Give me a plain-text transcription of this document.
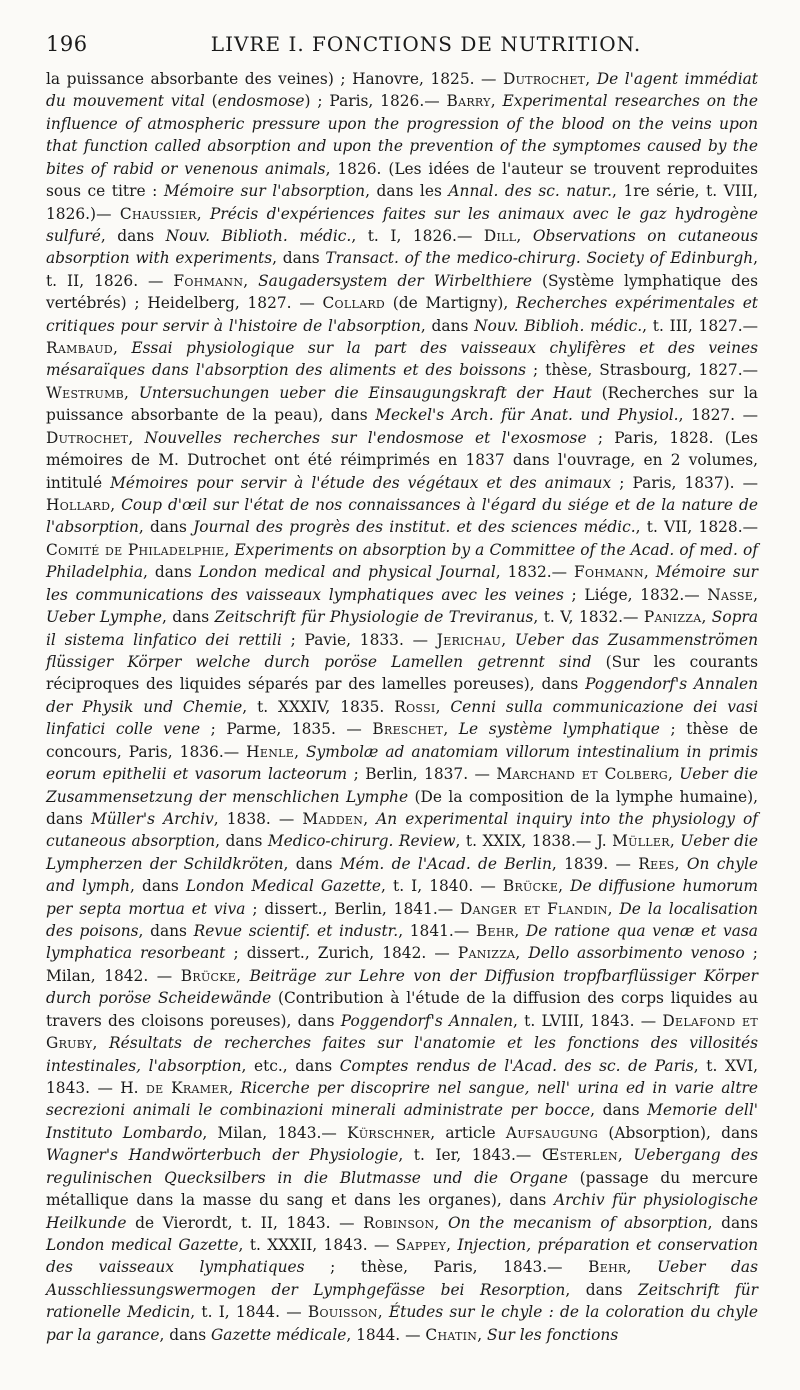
196	LIVRE I. FONCTIONS DE NUTRITION.
la puissance absorbante des veines) ; Hanovre, 1825. — Dutrochet, De l'agent immédiat du mouvement vital (endosmose) ; Paris, 1826.— Barry, Experimental researches on the influence of atmospheric pressure upon the progression of the blood on the veins upon that function called absorption and upon the prevention of the symptomes caused by the bites of rabid or venenous animals, 1826. (Les idées de l'auteur se trouvent reproduites sous ce titre : Mémoire sur l'absorption, dans les Annal. des sc. natur., 1re série, t. VIII, 1826.)— Chaussier, Précis d'expériences faites sur les animaux avec le gaz hydrogène sulfuré, dans Nouv. Biblioth. médic., t. I, 1826.— Dill, Observations on cutaneous absorption with experiments, dans Transact. of the medico-chirurg. Society of Edinburgh, t. II, 1826. — Fohmann, Saugadersystem der Wirbelthiere (Système lymphatique des vertébrés) ; Heidelberg, 1827. — Collard (de Martigny), Recherches expérimentales et critiques pour servir à l'histoire de l'absorption, dans Nouv. Biblioh. médic., t. III, 1827.— Rambaud, Essai physiologique sur la part des vaisseaux chylifères et des veines mésaraïques dans l'absorption des aliments et des boissons ; thèse, Strasbourg, 1827.— Westrumb, Untersuchungen ueber die Einsaugungskraft der Haut (Recherches sur la puissance absorbante de la peau), dans Meckel's Arch. für Anat. und Physiol., 1827. — Dutrochet, Nouvelles recherches sur l'endosmose et l'exosmose ; Paris, 1828. (Les mémoires de M. Dutrochet ont été réimprimés en 1837 dans l'ouvrage, en 2 volumes, intitulé Mémoires pour servir à l'étude des végétaux et des animaux ; Paris, 1837). — Hollard, Coup d'œil sur l'état de nos connaissances à l'égard du siége et de la nature de l'absorption, dans Journal des progrès des institut. et des sciences médic., t. VII, 1828.— Comité de Philadelphie, Experiments on absorption by a Committee of the Acad. of med. of Philadelphia, dans London medical and physical Journal, 1832.— Fohmann, Mémoire sur les communications des vaisseaux lymphatiques avec les veines ; Liége, 1832.— Nasse, Ueber Lymphe, dans Zeitschrift für Physiologie de Treviranus, t. V, 1832.— Panizza, Sopra il sistema linfatico dei rettili ; Pavie, 1833. — Jerichau, Ueber das Zusammenströmen flüssiger Körper welche durch poröse Lamellen getrennt sind (Sur les courants réciproques des liquides séparés par des lamelles poreuses), dans Poggendorf's Annalen der Physik und Chemie, t. XXXIV, 1835. Rossi, Cenni sulla communicazione dei vasi linfatici colle vene ; Parme, 1835. — Breschet, Le système lymphatique ; thèse de concours, Paris, 1836.— Henle, Symbolæ ad anatomiam villorum intestinalium in primis eorum epithelii et vasorum lacteorum ; Berlin, 1837. — Marchand et Colberg, Ueber die Zusammensetzung der menschlichen Lymphe (De la composition de la lymphe humaine), dans Müller's Archiv, 1838. — Madden, An experimental inquiry into the physiology of cutaneous absorption, dans Medico-chirurg. Review, t. XXIX, 1838.— J. Müller, Ueber die Lympherzen der Schildkröten, dans Mém. de l'Acad. de Berlin, 1839. — Rees, On chyle and lymph, dans London Medical Gazette, t. I, 1840. — Brücke, De diffusione humorum per septa mortua et viva ; dissert., Berlin, 1841.— Danger et Flandin, De la localisation des poisons, dans Revue scientif. et industr., 1841.— Behr, De ratione qua venæ et vasa lymphatica resorbeant ; dissert., Zurich, 1842. — Panizza, Dello assorbimento venoso ; Milan, 1842. — Brücke, Beiträge zur Lehre von der Diffusion tropfbarflüssiger Körper durch poröse Scheidewände (Contribution à l'étude de la diffusion des corps liquides au travers des cloisons poreuses), dans Poggendorf's Annalen, t. LVIII, 1843. — Delafond et Gruby, Résultats de recherches faites sur l'anatomie et les fonctions des villosités intestinales, l'absorption, etc., dans Comptes rendus de l'Acad. des sc. de Paris, t. XVI, 1843. — H. de Kramer, Ricerche per discoprire nel sangue, nell' urina ed in varie altre secrezioni animali le combinazioni minerali administrate per bocce, dans Memorie dell' Instituto Lombardo, Milan, 1843.— Kürschner, article Aufsaugung (Absorption), dans Wagner's Handwörterbuch der Physiologie, t. Ier, 1843.— Œsterlen, Uebergang des regulinischen Quecksilbers in die Blutmasse und die Organe (passage du mercure métallique dans la masse du sang et dans les organes), dans Archiv für physiologische Heilkunde de Vierordt, t. II, 1843. — Robinson, On the mecanism of absorption, dans London medical Gazette, t. XXXII, 1843. — Sappey, Injection, préparation et conservation des vaisseaux lymphatiques ; thèse, Paris, 1843.— Behr, Ueber das Ausschliessungswermogen der Lymphgefässe bei Resorption, dans Zeitschrift für rationelle Medicin, t. I, 1844. — Bouisson, Études sur le chyle : de la coloration du chyle par la garance, dans Gazette médicale, 1844. — Chatin, Sur les fonctions
